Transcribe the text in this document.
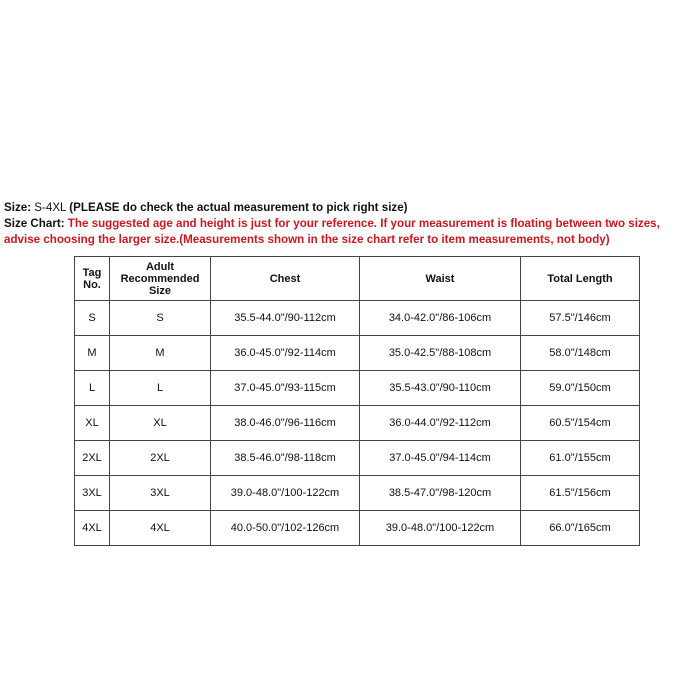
Size: S-4XL (PLEASE do check the actual measurement to pick right size)
Size Chart: The suggested age and height is just for your reference. If your measurement is floating between two sizes,
advise choosing the larger size.(Measurements shown in the size chart refer to item measurements, not body)
Tag
No.	Adult
Recommended
Size	Chest	Waist	Total Length
S	S	35.5-44.0"/90-112cm	34.0-42.0"/86-106cm	57.5"/146cm
M	M	36.0-45.0"/92-114cm	35.0-42.5"/88-108cm	58.0"/148cm
L	L	37.0-45.0"/93-115cm	35.5-43.0"/90-110cm	59.0"/150cm
XL	XL	38.0-46.0"/96-116cm	36.0-44.0"/92-112cm	60.5"/154cm
2XL	2XL	38.5-46.0"/98-118cm	37.0-45.0"/94-114cm	61.0"/155cm
3XL	3XL	39.0-48.0"/100-122cm	38.5-47.0"/98-120cm	61.5"/156cm
4XL	4XL	40.0-50.0"/102-126cm	39.0-48.0"/100-122cm	66.0"/165cm
